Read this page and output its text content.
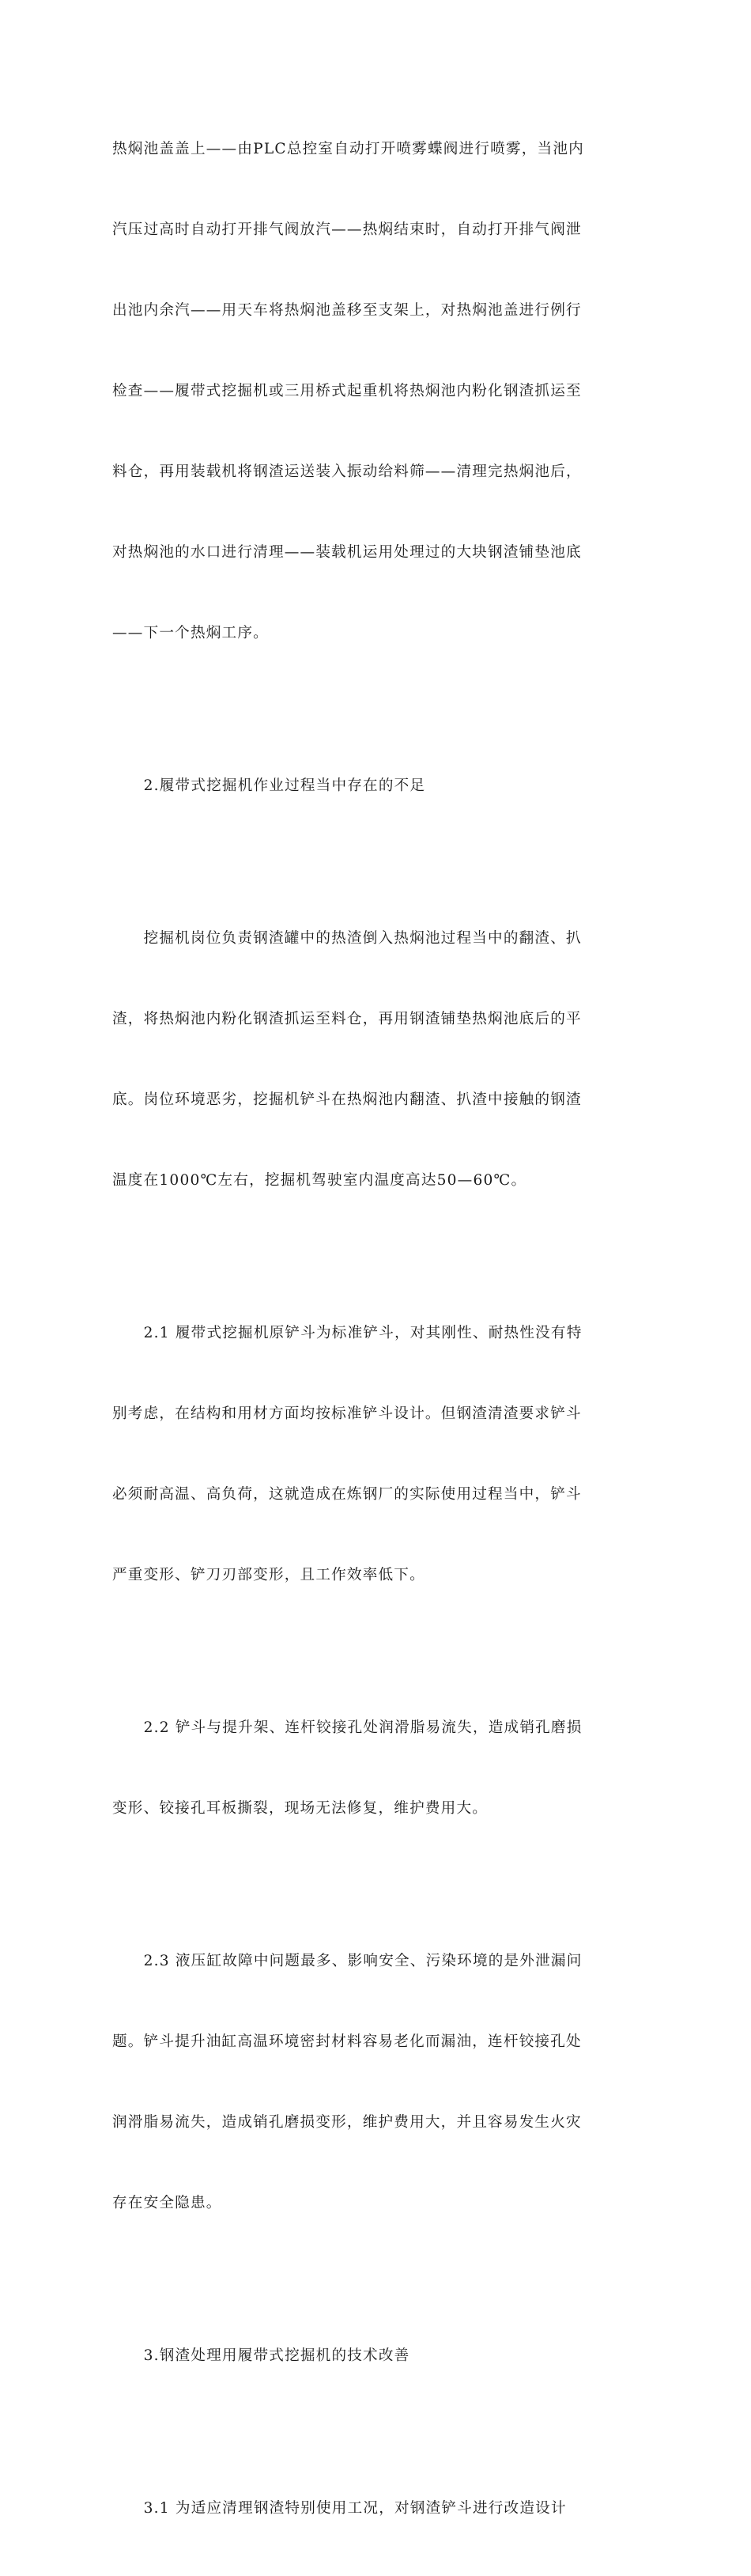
热焖池盖盖上——由PLC总控室自动打开喷雾蝶阀进行喷雾，当池内

汽压过高时自动打开排气阀放汽——热焖结束时，自动打开排气阀泄

出池内余汽——用天车将热焖池盖移至支架上，对热焖池盖进行例行

检查——履带式挖掘机或三用桥式起重机将热焖池内粉化钢渣抓运至

料仓，再用装载机将钢渣运送装入振动给料筛——清理完热焖池后，

对热焖池的水口进行清理——装载机运用处理过的大块钢渣铺垫池底

——下一个热焖工序。

　　2.履带式挖掘机作业过程当中存在的不足

　　挖掘机岗位负责钢渣罐中的热渣倒入热焖池过程当中的翻渣、扒

渣，将热焖池内粉化钢渣抓运至料仓，再用钢渣铺垫热焖池底后的平

底。岗位环境恶劣，挖掘机铲斗在热焖池内翻渣、扒渣中接触的钢渣

温度在1000℃左右，挖掘机驾驶室内温度高达50—60℃。

　　2.1 履带式挖掘机原铲斗为标准铲斗，对其刚性、耐热性没有特

别考虑，在结构和用材方面均按标准铲斗设计。但钢渣清渣要求铲斗

必须耐高温、高负荷，这就造成在炼钢厂的实际使用过程当中，铲斗

严重变形、铲刀刃部变形，且工作效率低下。

　　2.2 铲斗与提升架、连杆铰接孔处润滑脂易流失，造成销孔磨损

变形、铰接孔耳板撕裂，现场无法修复，维护费用大。

　　2.3 液压缸故障中问题最多、影响安全、污染环境的是外泄漏问

题。铲斗提升油缸高温环境密封材料容易老化而漏油，连杆铰接孔处

润滑脂易流失，造成销孔磨损变形，维护费用大，并且容易发生火灾

存在安全隐患。

　　3.钢渣处理用履带式挖掘机的技术改善

　　3.1 为适应清理钢渣特别使用工况，对钢渣铲斗进行改造设计
